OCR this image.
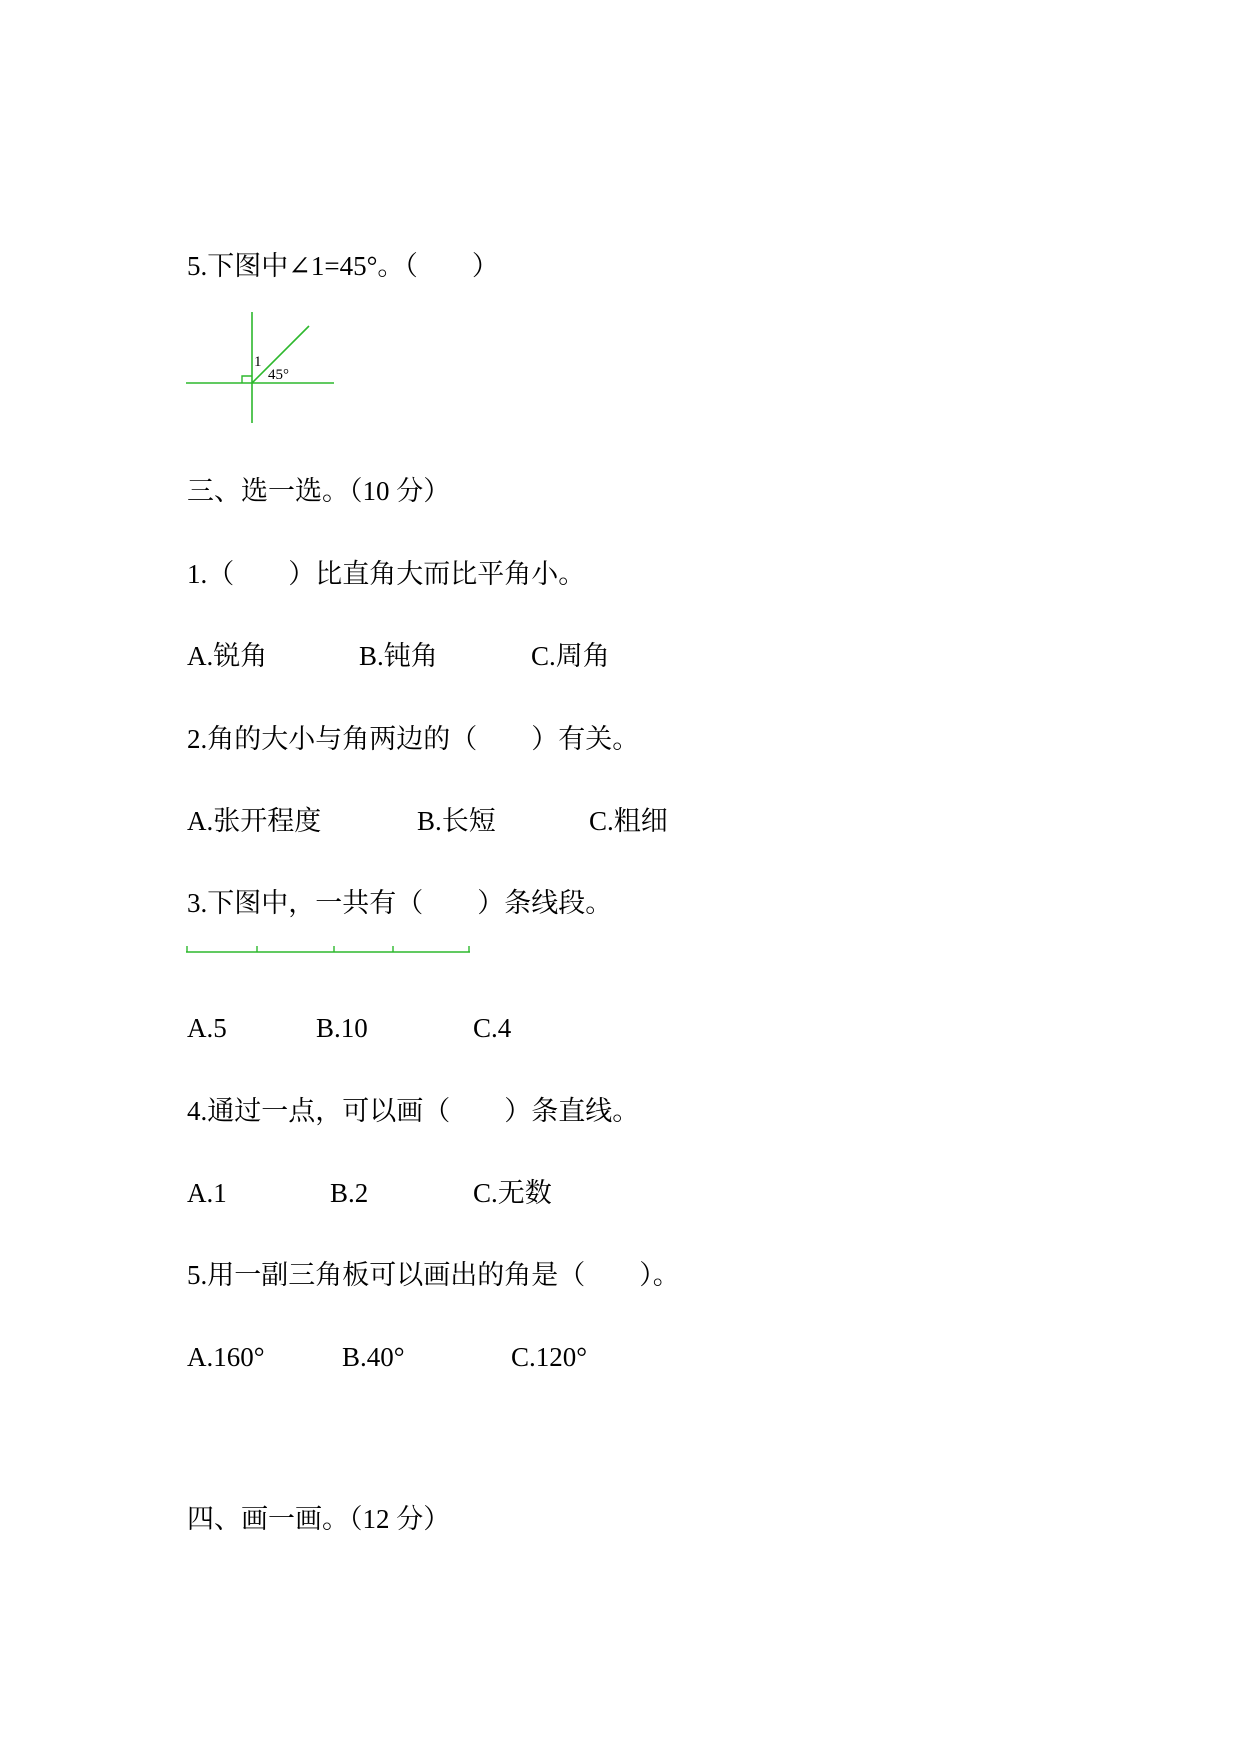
5.下图中∠1=45°。（　　）
1
45°
三、选一选。（10 分）
1.（　　）比直角大而比平角小。
A.锐角	B.钝角	C.周角
2.角的大小与角两边的（　　）有关。
A.张开程度	B.长短	C.粗细
3.下图中，一共有（　　）条线段。
A.5	B.10	C.4
4.通过一点，可以画（　　）条直线。
A.1	B.2	C.无数
5.用一副三角板可以画出的角是（　　）。
A.160°	B.40°	C.120°
四、画一画。（12 分）
